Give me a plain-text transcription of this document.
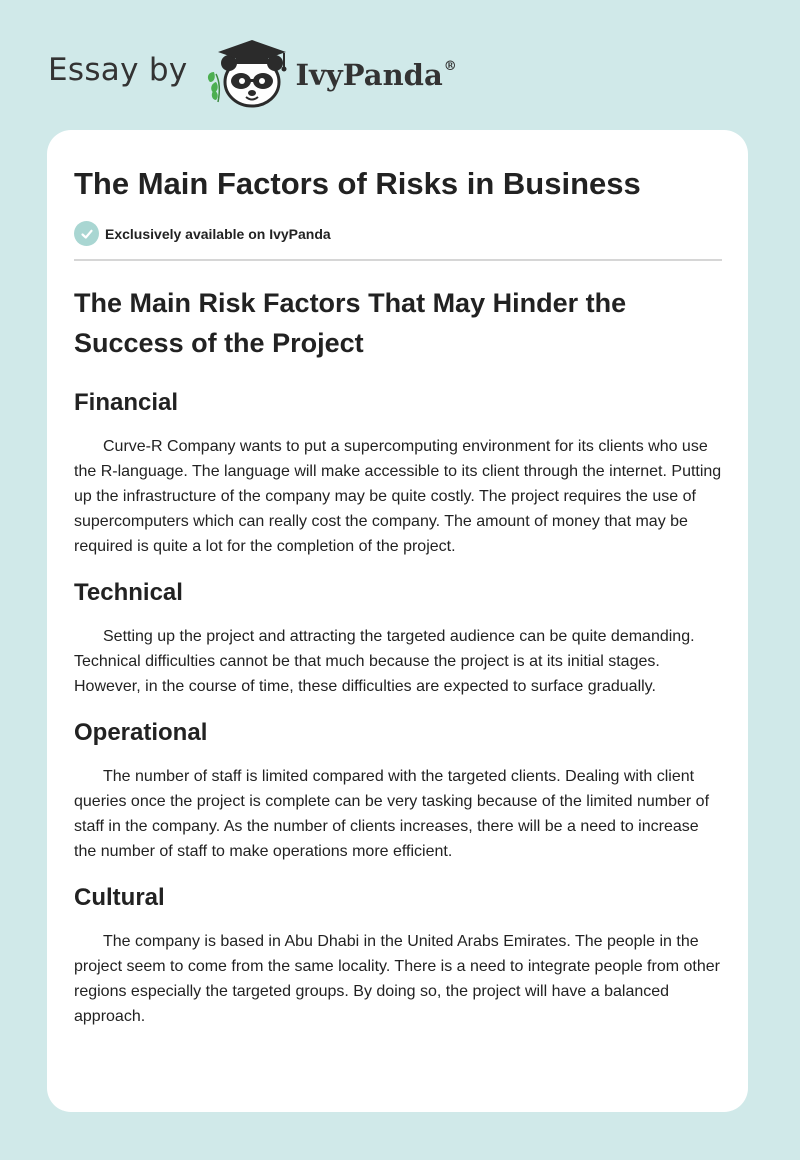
Essay by	IvyPanda®
The Main Factors of Risks in Business
Exclusively available on IvyPanda
The Main Risk Factors That May Hinder the Success of the Project
Financial

Curve-R Company wants to put a supercomputing environment for its clients who use the R-language. The language will make accessible to its client through the internet. Putting up the infrastructure of the company may be quite costly. The project requires the use of supercomputers which can really cost the company. The amount of money that may be required is quite a lot for the completion of the project.

Technical

Setting up the project and attracting the targeted audience can be quite demanding. Technical difficulties cannot be that much because the project is at its initial stages. However, in the course of time, these difficulties are expected to surface gradually.

Operational

The number of staff is limited compared with the targeted clients. Dealing with client queries once the project is complete can be very tasking because of the limited number of staff in the company. As the number of clients increases, there will be a need to increase the number of staff to make operations more efficient.

Cultural

The company is based in Abu Dhabi in the United Arabs Emirates. The people in the project seem to come from the same locality. There is a need to integrate people from other regions especially the targeted groups. By doing so, the project will have a balanced approach.
